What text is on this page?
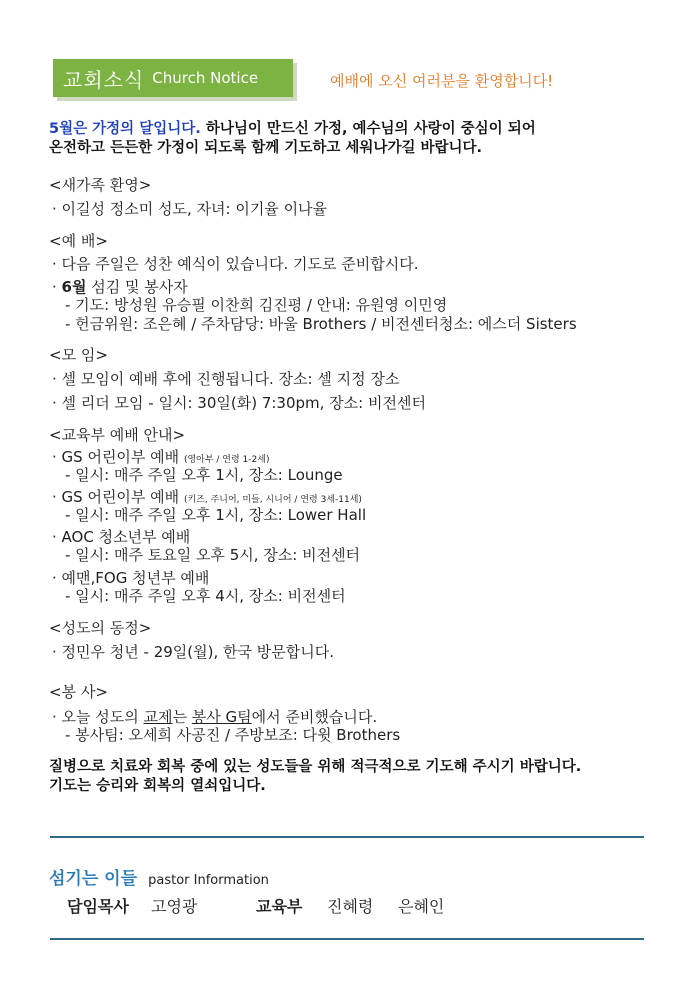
교회소식 Church Notice	예배에 오신 여러분을 환영합니다!
5월은 가정의 달입니다. 하나님이 만드신 가정, 예수님의 사랑이 중심이 되어
온전하고 든든한 가정이 되도록 함께 기도하고 세워나가길 바랍니다.
<새가족 환영>
· 이길성 정소미 성도, 자녀: 이기율 이나율
<예 배>
· 다음 주일은 성찬 예식이 있습니다. 기도로 준비합시다.
· 6월 섬김 및 봉사자
- 기도: 방성원 유승필 이찬희 김진평 / 안내: 유원영 이민영
- 헌금위원: 조은혜 / 주차담당: 바울 Brothers / 비전센터청소: 에스더 Sisters
<모 임>
· 셀 모임이 예배 후에 진행됩니다. 장소: 셀 지정 장소
· 셀 리더 모임 - 일시: 30일(화) 7:30pm, 장소: 비전센터
<교육부 예배 안내>
· GS 어린이부 예배 (영아부 / 연령 1-2세)
- 일시: 매주 주일 오후 1시, 장소: Lounge
· GS 어린이부 예배 (키즈, 주니어, 미들, 시니어 / 연령 3세-11세)
- 일시: 매주 주일 오후 1시, 장소: Lower Hall
· AOC 청소년부 예배
- 일시: 매주 토요일 오후 5시, 장소: 비전센터
· 예맨,FOG 청년부 예배
- 일시: 매주 주일 오후 4시, 장소: 비전센터
<성도의 동정>
· 정민우 청년 - 29일(월), 한국 방문합니다.
<봉 사>
· 오늘 성도의 교제는 봉사 G팀에서 준비했습니다.
- 봉사팀: 오세희 사공진 / 주방보조: 다윗 Brothers
질병으로 치료와 회복 중에 있는 성도들을 위해 적극적으로 기도해 주시기 바랍니다.
기도는 승리와 회복의 열쇠입니다.
섬기는 이들 pastor Information
담임목사 고영광	교육부 진혜령 은혜인
